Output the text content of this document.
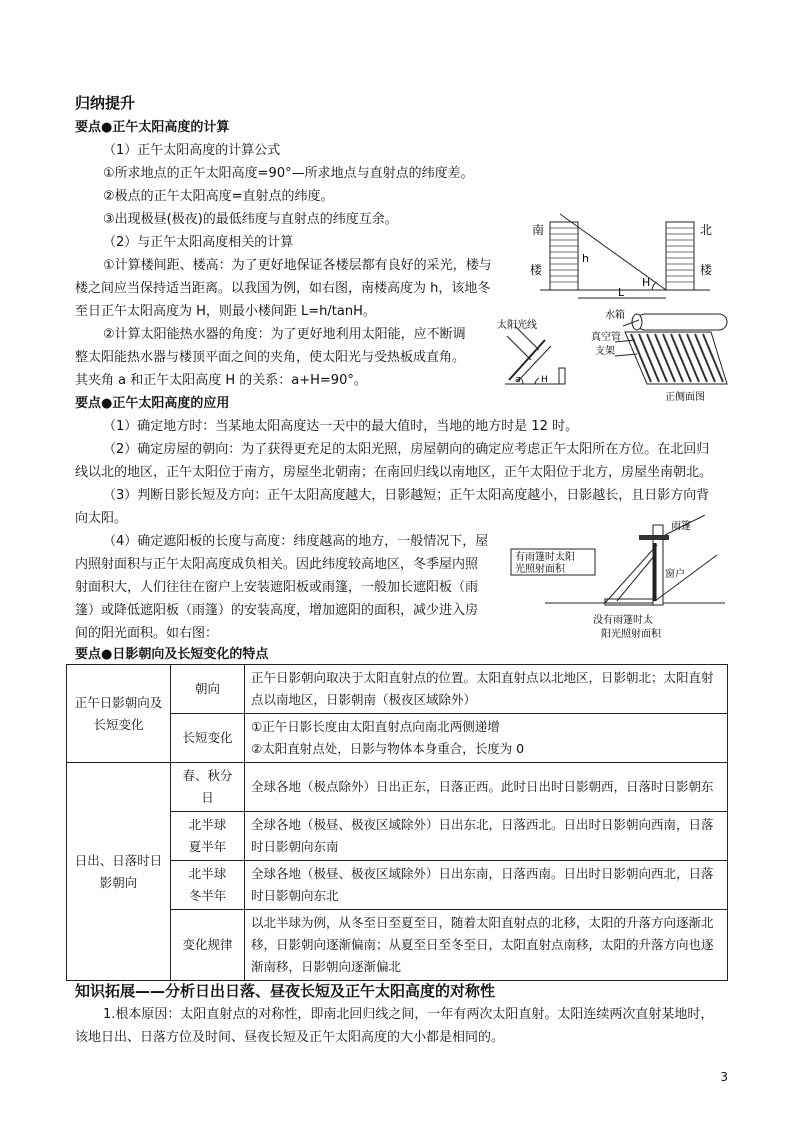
归纳提升
要点●正午太阳高度的计算
（1）正午太阳高度的计算公式
①所求地点的正午太阳高度=90°—所求地点与直射点的纬度差。
②极点的正午太阳高度=直射点的纬度。
③出现极昼(极夜)的最低纬度与直射点的纬度互余。
（2）与正午太阳高度相关的计算
①计算楼间距、楼高：为了更好地保证各楼层都有良好的采光，楼与
楼之间应当保持适当距离。以我国为例，如右图，南楼高度为 h，该地冬
至日正午太阳高度为 H，则最小楼间距 L=h/tanH。
②计算太阳能热水器的角度：为了更好地利用太阳能，应不断调
整太阳能热水器与楼顶平面之间的夹角，使太阳光与受热板成直角。
其夹角 a 和正午太阳高度 H 的关系：a+H=90°。
南
楼
北
楼
h
H
L
太阳光线
a H
水箱
真空管
支架
正侧面图
要点●正午太阳高度的应用
（1）确定地方时：当某地太阳高度达一天中的最大值时，当地的地方时是 12 时。
（2）确定房屋的朝向：为了获得更充足的太阳光照，房屋朝向的确定应考虑正午太阳所在方位。在北回归
线以北的地区，正午太阳位于南方，房屋坐北朝南；在南回归线以南地区，正午太阳位于北方，房屋坐南朝北。
（3）判断日影长短及方向：正午太阳高度越大，日影越短；正午太阳高度越小，日影越长，且日影方向背
向太阳。
（4）确定遮阳板的长度与高度：纬度越高的地方，一般情况下，屋
内照射面积与正午太阳高度成负相关。因此纬度较高地区，冬季屋内照
射面积大，人们往往在窗户上安装遮阳板或雨篷，一般加长遮阳板（雨
篷）或降低遮阳板（雨篷）的安装高度，增加遮阳的面积，减少进入房
间的阳光面积。如右图：
有雨篷时太阳
光照射面积
雨篷
窗户
没有雨篷时太
阳光照射面积
要点●日影朝向及长短变化的特点
正午日影朝向及长短变化	朝向	正午日影朝向取决于太阳直射点的位置。太阳直射点以北地区，日影朝北；太阳直射点以南地区，日影朝南（极夜区域除外）
	长短变化	①正午日影长度由太阳直射点向南北两侧递增
②太阳直射点处，日影与物体本身重合，长度为 0

日出、日落时日影朝向	春、秋分日	全球各地（极点除外）日出正东，日落正西。此时日出时日影朝西，日落时日影朝东

	北半球
夏半年	全球各地（极昼、极夜区域除外）日出东北，日落西北。日出时日影朝向西南，日落时日影朝向东南

	北半球
冬半年	全球各地（极昼、极夜区域除外）日出东南，日落西南。日出时日影朝向西北，日落时日影朝向东北
	变化规律	以北半球为例，从冬至日至夏至日，随着太阳直射点的北移，太阳的升落方向逐渐北移，日影朝向逐渐偏南；从夏至日至冬至日，太阳直射点南移，太阳的升落方向也逐渐南移，日影朝向逐渐偏北
知识拓展——分析日出日落、昼夜长短及正午太阳高度的对称性
1.根本原因：太阳直射点的对称性，即南北回归线之间，一年有两次太阳直射。太阳连续两次直射某地时，
该地日出、日落方位及时间、昼夜长短及正午太阳高度的大小都是相同的。
3
